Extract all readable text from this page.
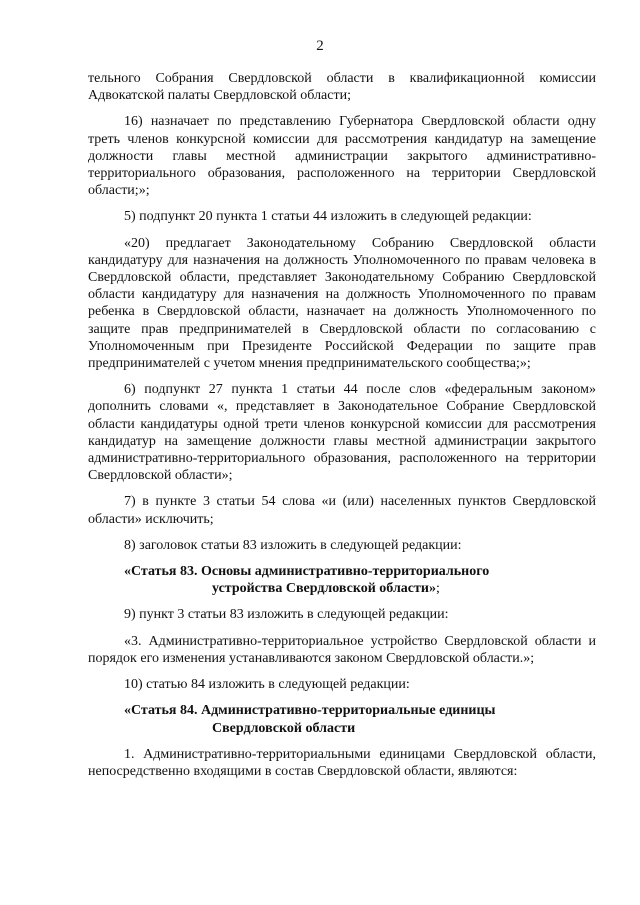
2

тельного Собрания Свердловской области в квалификационной комиссии Адвокатской палаты Свердловской области;

16) назначает по представлению Губернатора Свердловской области одну треть членов конкурсной комиссии для рассмотрения кандидатур на замещение должности главы местной администрации закрытого административно-территориального образования, расположенного на территории Свердловской области;»;

5) подпункт 20 пункта 1 статьи 44 изложить в следующей редакции:

«20) предлагает Законодательному Собранию Свердловской области кандидатуру для назначения на должность Уполномоченного по правам человека в Свердловской области, представляет Законодательному Собранию Свердловской области кандидатуру для назначения на должность Уполномоченного по правам ребенка в Свердловской области, назначает на должность Уполномоченного по защите прав предпринимателей в Свердловской области по согласованию с Уполномоченным при Президенте Российской Федерации по защите прав предпринимателей с учетом мнения предпринимательского сообщества;»;

6) подпункт 27 пункта 1 статьи 44 после слов «федеральным законом» дополнить словами «, представляет в Законодательное Собрание Свердловской области кандидатуры одной трети членов конкурсной комиссии для рассмотрения кандидатур на замещение должности главы местной администрации закрытого административно-территориального образования, расположенного на территории Свердловской области»;

7) в пункте 3 статьи 54 слова «и (или) населенных пунктов Свердловской области» исключить;

8) заголовок статьи 83 изложить в следующей редакции:

«Статья 83. Основы административно-территориального
устройства Свердловской области»;

9) пункт 3 статьи 83 изложить в следующей редакции:

«3. Административно-территориальное устройство Свердловской области и порядок его изменения устанавливаются законом Свердловской области.»;

10) статью 84 изложить в следующей редакции:

«Статья 84. Административно-территориальные единицы
Свердловской области

1. Административно-территориальными единицами Свердловской области, непосредственно входящими в состав Свердловской области, являются:
